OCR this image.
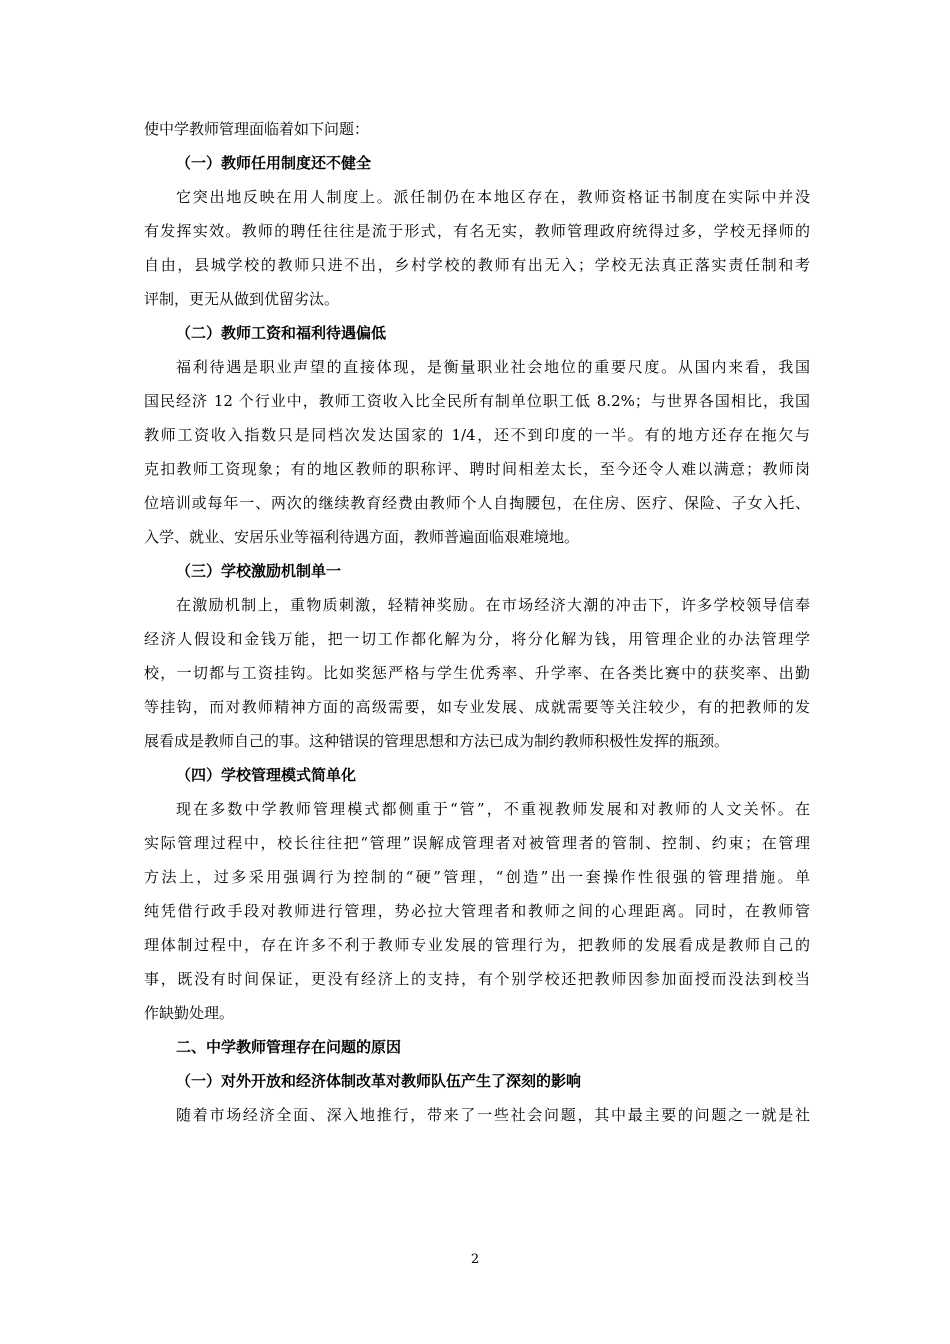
使中学教师管理面临着如下问题：
（一）教师任用制度还不健全
它突出地反映在用人制度上。派任制仍在本地区存在，教师资格证书制度在实际中并没
有发挥实效。教师的聘任往往是流于形式，有名无实，教师管理政府统得过多，学校无择师的
自由，县城学校的教师只进不出，乡村学校的教师有出无入；学校无法真正落实责任制和考
评制，更无从做到优留劣汰。
（二）教师工资和福利待遇偏低
福利待遇是职业声望的直接体现，是衡量职业社会地位的重要尺度。从国内来看，我国
国民经济 12 个行业中，教师工资收入比全民所有制单位职工低 8.2%；与世界各国相比，我国
教师工资收入指数只是同档次发达国家的 1/4，还不到印度的一半。有的地方还存在拖欠与
克扣教师工资现象；有的地区教师的职称评、聘时间相差太长，至今还令人难以满意；教师岗
位培训或每年一、两次的继续教育经费由教师个人自掏腰包，在住房、医疗、保险、子女入托、
入学、就业、安居乐业等福利待遇方面，教师普遍面临艰难境地。
（三）学校激励机制单一
在激励机制上，重物质刺激，轻精神奖励。在市场经济大潮的冲击下，许多学校领导信奉
经济人假设和金钱万能，把一切工作都化解为分，将分化解为钱，用管理企业的办法管理学
校，一切都与工资挂钩。比如奖惩严格与学生优秀率、升学率、在各类比赛中的获奖率、出勤
等挂钩，而对教师精神方面的高级需要，如专业发展、成就需要等关注较少，有的把教师的发
展看成是教师自己的事。这种错误的管理思想和方法已成为制约教师积极性发挥的瓶颈。
（四）学校管理模式简单化
现在多数中学教师管理模式都侧重于“管”，不重视教师发展和对教师的人文关怀。在
实际管理过程中，校长往往把“管理”误解成管理者对被管理者的管制、控制、约束；在管理
方法上，过多采用强调行为控制的“硬”管理，“创造”出一套操作性很强的管理措施。单
纯凭借行政手段对教师进行管理，势必拉大管理者和教师之间的心理距离。同时，在教师管
理体制过程中，存在许多不利于教师专业发展的管理行为，把教师的发展看成是教师自己的
事，既没有时间保证，更没有经济上的支持，有个别学校还把教师因参加面授而没法到校当
作缺勤处理。
二、中学教师管理存在问题的原因
（一）对外开放和经济体制改革对教师队伍产生了深刻的影响
随着市场经济全面、深入地推行，带来了一些社会问题，其中最主要的问题之一就是社
2
